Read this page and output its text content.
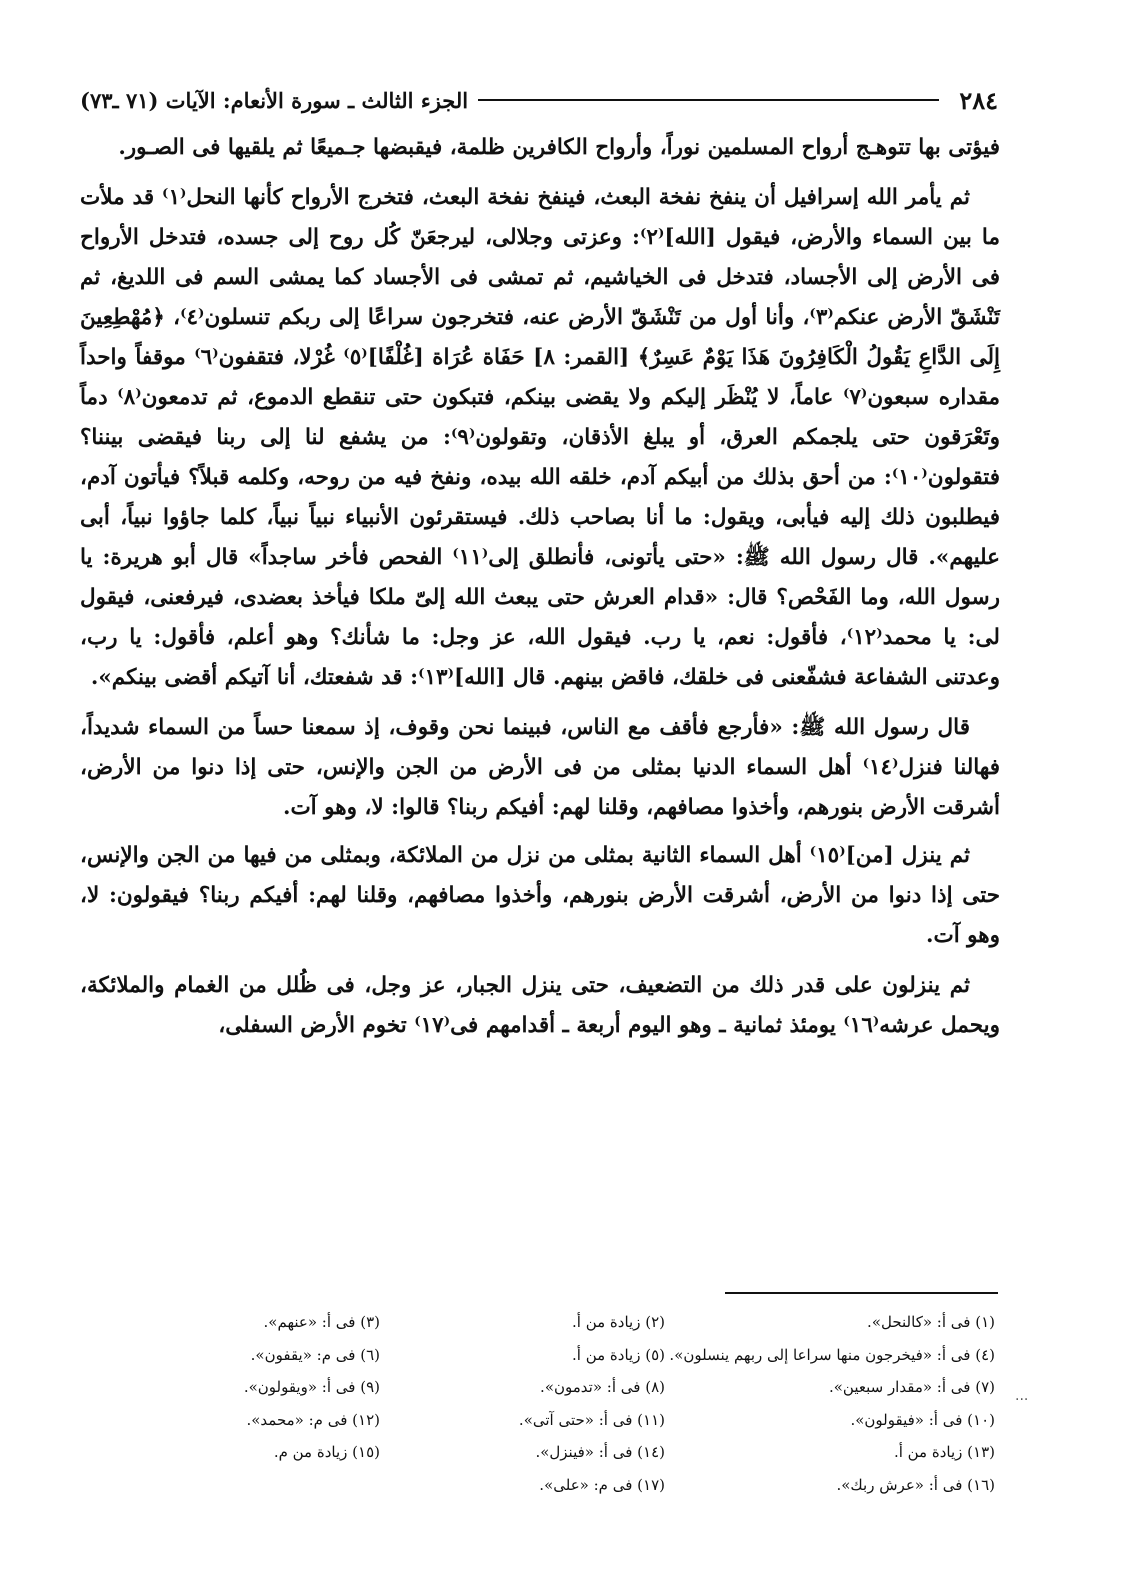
٢٨٤
الجزء الثالث ـ سورة الأنعام: الآيات (٧١ ـ٧٣)

فيؤتى بها تتوهـج أرواح المسلمين نوراً، وأرواح الكافرين ظلمة، فيقبضها جـميعًا ثم يلقيها فى الصـور.

ثم يأمر الله إسرافيل أن ينفخ نفخة البعث، فينفخ نفخة البعث، فتخرج الأرواح كأنها النحل⁽١⁾ قد ملأت ما بين السماء والأرض، فيقول [الله]⁽٢⁾: وعزتى وجلالى، ليرجعَنّ كُل روح إلى جسده، فتدخل الأرواح فى الأرض إلى الأجساد، فتدخل فى الخياشيم، ثم تمشى فى الأجساد كما يمشى السم فى اللديغ، ثم تَنْشَقّ الأرض عنكم⁽٣⁾، وأنا أول من تَنْشَقّ الأرض عنه، فتخرجون سراعًا إلى ربكم تنسلون⁽٤⁾، ﴿مُهْطِعِينَ إِلَى الدَّاعِ يَقُولُ الْكَافِرُونَ هَذَا يَوْمٌ عَسِرٌ﴾ [القمر: ٨] حَفَاة عُرَاة [غُلْفًا]⁽٥⁾ غُرْلا، فتقفون⁽٦⁾ موقفاً واحداً مقداره سبعون⁽٧⁾ عاماً، لا يُنْظَر إليكم ولا يقضى بينكم، فتبكون حتى تنقطع الدموع، ثم تدمعون⁽٨⁾ دماً وتَعْرَقون حتى يلجمكم العرق، أو يبلغ الأذقان، وتقولون⁽٩⁾: من يشفع لنا إلى ربنا فيقضى بيننا؟ فتقولون⁽١٠⁾: من أحق بذلك من أبيكم آدم، خلقه الله بيده، ونفخ فيه من روحه، وكلمه قبلاً؟ فيأتون آدم، فيطلبون ذلك إليه فيأبى، ويقول: ما أنا بصاحب ذلك. فيستقرئون الأنبياء نبياً نبياً، كلما جاؤوا نبياً، أبى عليهم». قال رسول الله ﷺ: «حتى يأتونى، فأنطلق إلى⁽١١⁾ الفحص فأخر ساجداً» قال أبو هريرة: يا رسول الله، وما الفَحْص؟ قال: «قدام العرش حتى يبعث الله إلىّ ملكا فيأخذ بعضدى، فيرفعنى، فيقول لى: يا محمد⁽١٢⁾، فأقول: نعم، يا رب. فيقول الله، عز وجل: ما شأنك؟ وهو أعلم، فأقول: يا رب، وعدتنى الشفاعة فشفّعنى فى خلقك، فاقض بينهم. قال [الله]⁽١٣⁾: قد شفعتك، أنا آتيكم أقضى بينكم».

قال رسول الله ﷺ: «فأرجع فأقف مع الناس، فبينما نحن وقوف، إذ سمعنا حساً من السماء شديداً، فهالنا فنزل⁽١٤⁾ أهل السماء الدنيا بمثلى من فى الأرض من الجن والإنس، حتى إذا دنوا من الأرض، أشرقت الأرض بنورهم، وأخذوا مصافهم، وقلنا لهم: أفيكم ربنا؟ قالوا: لا، وهو آت.

ثم ينزل [من]⁽١٥⁾ أهل السماء الثانية بمثلى من نزل من الملائكة، وبمثلى من فيها من الجن والإنس، حتى إذا دنوا من الأرض، أشرقت الأرض بنورهم، وأخذوا مصافهم، وقلنا لهم: أفيكم ربنا؟ فيقولون: لا، وهو آت.

ثم ينزلون على قدر ذلك من التضعيف، حتى ينزل الجبار، عز وجل، فى ظُلل من الغمام والملائكة، ويحمل عرشه⁽١٦⁾ يومئذ ثمانية ـ وهو اليوم أربعة ـ أقدامهم فى⁽١٧⁾ تخوم الأرض السفلى،

(١) فى أ: «كالنحل».
(٢) زيادة من أ.
(٣) فى أ: «عنهم».
(٤) فى أ: «فيخرجون منها سراعا إلى ربهم ينسلون».
(٥) زيادة من أ.
(٦) فى م: «يقفون».
(٧) فى أ: «مقدار سبعين».
(٨) فى أ: «تدمون».
(٩) فى أ: «ويقولون».
(١٠) فى أ: «فيقولون».
(١١) فى أ: «حتى آتى».
(١٢) فى م: «محمد».
(١٣) زيادة من أ.
(١٤) فى أ: «فينزل».
(١٥) زيادة من م.
(١٦) فى أ: «عرش ربك».
(١٧) فى م: «على».
...
